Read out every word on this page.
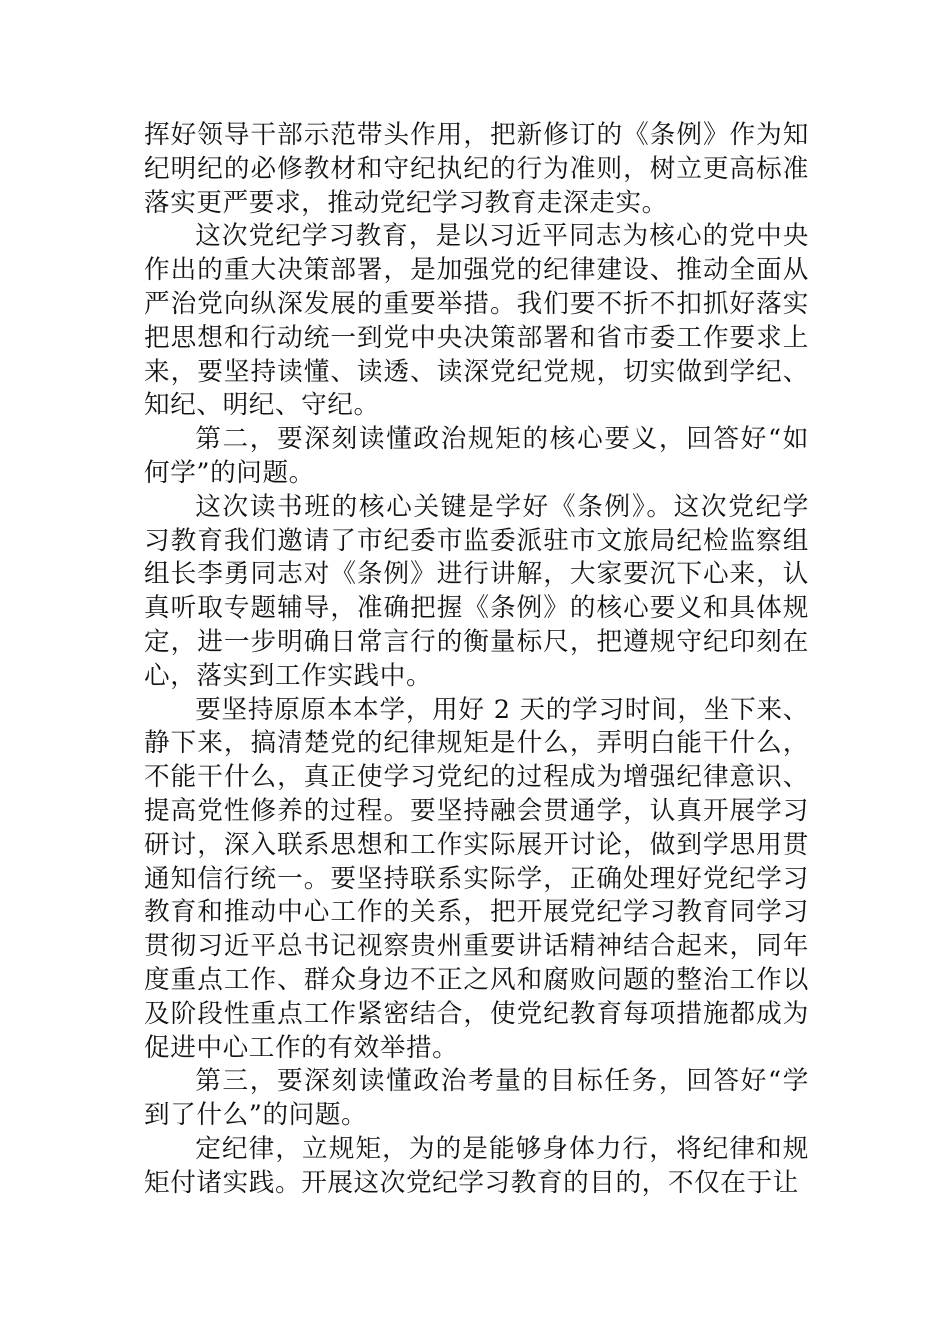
挥好领导干部示范带头作用，把新修订的《条例》作为知纪明纪的必修教材和守纪执纪的行为准则，树立更高标准落实更严要求，推动党纪学习教育走深走实。

这次党纪学习教育，是以习近平同志为核心的党中央作出的重大决策部署，是加强党的纪律建设、推动全面从严治党向纵深发展的重要举措。我们要不折不扣抓好落实把思想和行动统一到党中央决策部署和省市委工作要求上来，要坚持读懂、读透、读深党纪党规，切实做到学纪、知纪、明纪、守纪。

第二，要深刻读懂政治规矩的核心要义，回答好“如何学”的问题。

这次读书班的核心关键是学好《条例》。这次党纪学习教育我们邀请了市纪委市监委派驻市文旅局纪检监察组组长李勇同志对《条例》进行讲解，大家要沉下心来，认真听取专题辅导，准确把握《条例》的核心要义和具体规定，进一步明确日常言行的衡量标尺，把遵规守纪印刻在心，落实到工作实践中。

要坚持原原本本学，用好 2 天的学习时间，坐下来、静下来，搞清楚党的纪律规矩是什么，弄明白能干什么，不能干什么，真正使学习党纪的过程成为增强纪律意识、提高党性修养的过程。要坚持融会贯通学，认真开展学习研讨，深入联系思想和工作实际展开讨论，做到学思用贯通知信行统一。要坚持联系实际学，正确处理好党纪学习教育和推动中心工作的关系，把开展党纪学习教育同学习贯彻习近平总书记视察贵州重要讲话精神结合起来，同年度重点工作、群众身边不正之风和腐败问题的整治工作以及阶段性重点工作紧密结合，使党纪教育每项措施都成为促进中心工作的有效举措。

第三，要深刻读懂政治考量的目标任务，回答好“学到了什么”的问题。

定纪律，立规矩，为的是能够身体力行，将纪律和规矩付诸实践。开展这次党纪学习教育的目的，不仅在于让
